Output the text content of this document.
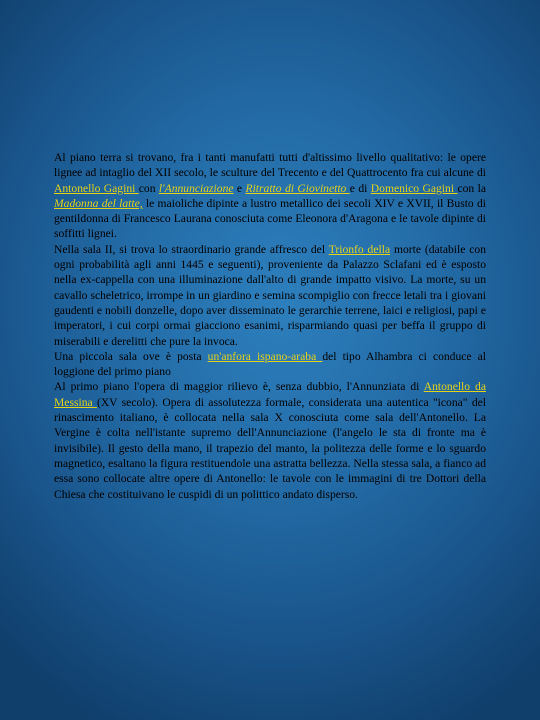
Al piano terra si trovano, fra i tanti manufatti tutti d'altissimo livello qualitativo: le opere lignee ad intaglio del XII secolo, le sculture del Trecento e del Quattrocento fra cui alcune di Antonello Gagini con l'Annunciazione e Ritratto di Giovinetto e di Domenico Gagini con la Madonna del latte, le maioliche dipinte a lustro metallico dei secoli XIV e XVII, il Busto di gentildonna di Francesco Laurana conosciuta come Eleonora d'Aragona e le tavole dipinte di soffitti lignei.

Nella sala II, si trova lo straordinario grande affresco del Trionfo della morte (databile con ogni probabilità agli anni 1445 e seguenti), proveniente da Palazzo Sclafani ed è esposto nella ex-cappella con una illuminazione dall'alto di grande impatto visivo. La morte, su un cavallo scheletrico, irrompe in un giardino e semina scompiglio con frecce letali tra i giovani gaudenti e nobili donzelle, dopo aver disseminato le gerarchie terrene, laici e religiosi, papi e imperatori, i cui corpi ormai giacciono esanimi, risparmiando quasi per beffa il gruppo di miserabili e derelitti che pure la invoca.

Una piccola sala ove è posta un'anfora ispano-araba del tipo Alhambra ci conduce al loggione del primo piano

Al primo piano l'opera di maggior rilievo è, senza dubbio, l'Annunziata di Antonello da Messina (XV secolo). Opera di assolutezza formale, considerata una autentica "icona" del rinascimento italiano, è collocata nella sala X conosciuta come sala dell'Antonello. La Vergine è colta nell'istante supremo dell'Annunciazione (l'angelo le sta di fronte ma è invisibile). Il gesto della mano, il trapezio del manto, la politezza delle forme e lo sguardo magnetico, esaltano la figura restituendole una astratta bellezza. Nella stessa sala, a fianco ad essa sono collocate altre opere di Antonello: le tavole con le immagini di tre Dottori della Chiesa che costituivano le cuspidi di un polittico andato disperso.
